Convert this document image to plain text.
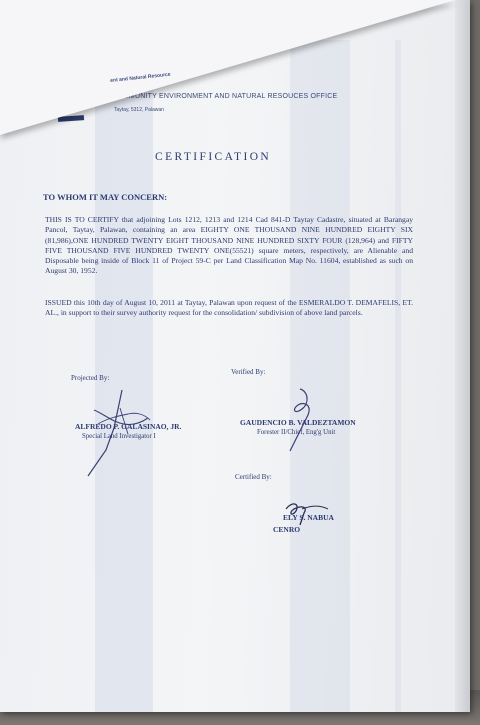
COMMUNITY ENVIRONMENT AND NATURAL RESOUCES OFFICE
Taytay, 5312, Palawan
CERTIFICATION
TO WHOM IT MAY CONCERN:
THIS IS TO CERTIFY that adjoining Lots 1212, 1213 and 1214 Cad 841-D Taytay Cadastre, situated at Barangay Pancol, Taytay, Palawan, containing an area EIGHTY ONE THOUSAND NINE HUNDRED EIGHTY SIX (81,986),ONE HUNDRED TWENTY EIGHT THOUSAND NINE HUNDRED SIXTY FOUR (128,964) and FIFTY FIVE THOUSAND FIVE HUNDRED TWENTY ONE(55521) square meters, respectively, are Alienable and Disposable being inside of Block 11 of Project 59-C per Land Classification Map No. 11604, established as such on August 30, 1952.
ISSUED this 10th day of August 10, 2011 at Taytay, Palawan upon request of the ESMERALDO T. DEMAFELIS, ET. AL., in support to their survey authority request for the consolidation/ subdivision of above land parcels.
Projected By:
Verified By:
ALFREDO P. GALASINAO, JR.
Special Land Investigator I
GAUDENCIO B. VALDEZTAMON
Forester II/Chief, Eng'g Unit
Certified By:
ELY S. NABUA
CENRO
ent and Natural Resource
